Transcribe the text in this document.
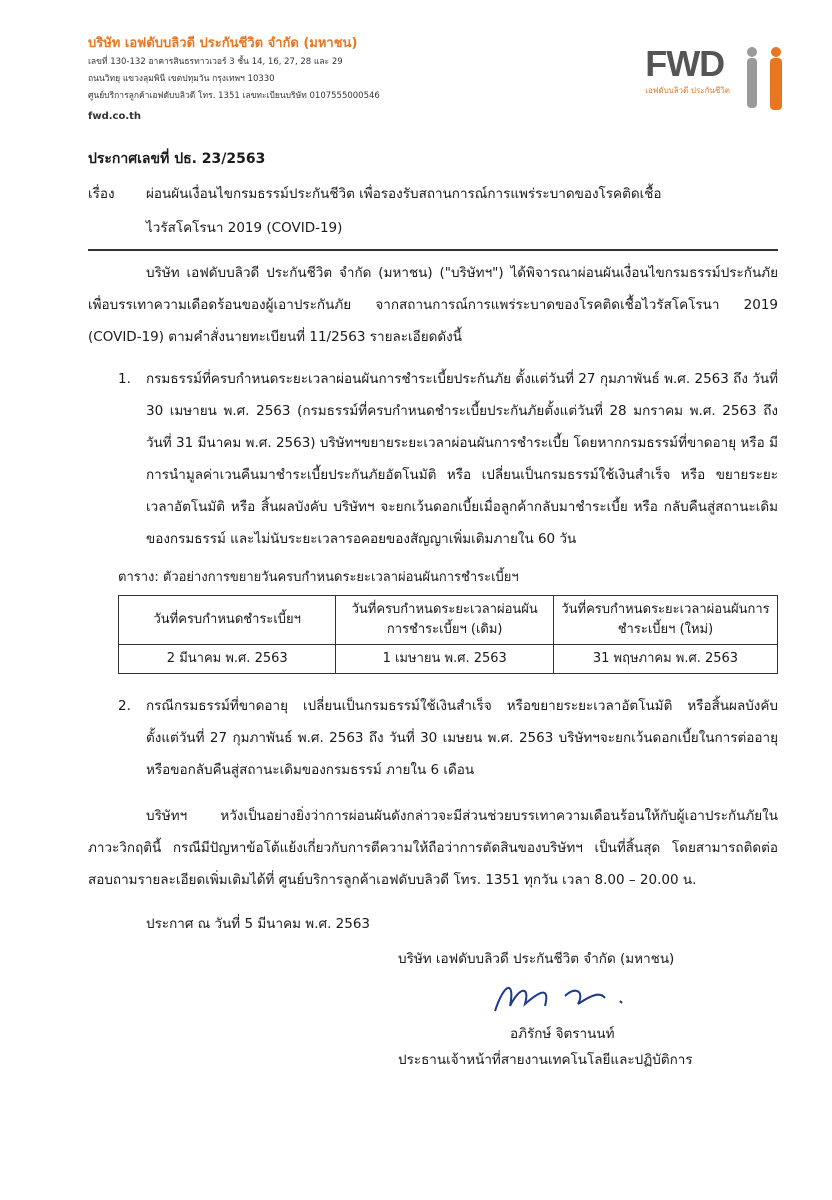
บริษัท เอฟดับบลิวดี ประกันชีวิต จำกัด (มหาชน)
เลขที่ 130-132 อาคารสินธรทาวเวอร์ 3 ชั้น 14, 16, 27, 28 และ 29
ถนนวิทยุ แขวงลุมพินี เขตปทุมวัน กรุงเทพฯ 10330
ศูนย์บริการลูกค้าเอฟดับบลิวดี โทร. 1351 เลขทะเบียนบริษัท 0107555000546
fwd.co.th
FWD
เอฟดับบลิวดี ประกันชีวิต
ประกาศเลขที่ ปธ. 23/2563
เรื่อง	ผ่อนผันเงื่อนไขกรมธรรม์ประกันชีวิต เพื่อรองรับสถานการณ์การแพร่ระบาดของโรคติดเชื้อ
ไวรัสโคโรนา 2019 (COVID-19)

บริษัท เอฟดับบลิวดี ประกันชีวิต จำกัด (มหาชน) ("บริษัทฯ") ได้พิจารณาผ่อนผันเงื่อนไขกรมธรรม์ประกันภัย เพื่อบรรเทาความเดือดร้อนของผู้เอาประกันภัย จากสถานการณ์การแพร่ระบาดของโรคติดเชื้อไวรัสโคโรนา 2019 (COVID-19) ตามคำสั่งนายทะเบียนที่ 11/2563 รายละเอียดดังนี้

1.	กรมธรรม์ที่ครบกำหนดระยะเวลาผ่อนผันการชำระเบี้ยประกันภัย ตั้งแต่วันที่ 27 กุมภาพันธ์ พ.ศ. 2563 ถึง วันที่ 30 เมษายน พ.ศ. 2563 (กรมธรรม์ที่ครบกำหนดชำระเบี้ยประกันภัยตั้งแต่วันที่ 28 มกราคม พ.ศ. 2563 ถึง วันที่ 31 มีนาคม พ.ศ. 2563) บริษัทฯขยายระยะเวลาผ่อนผันการชำระเบี้ย โดยหากกรมธรรม์ที่ขาดอายุ หรือ มีการนำมูลค่าเวนคืนมาชำระเบี้ยประกันภัยอัตโนมัติ หรือ เปลี่ยนเป็นกรมธรรม์ใช้เงินสำเร็จ หรือ ขยายระยะเวลาอัตโนมัติ หรือ สิ้นผลบังคับ บริษัทฯ จะยกเว้นดอกเบี้ยเมื่อลูกค้ากลับมาชำระเบี้ย หรือ กลับคืนสู่สถานะเดิมของกรมธรรม์ และไม่นับระยะเวลารอคอยของสัญญาเพิ่มเติมภายใน 60 วัน

ตาราง: ตัวอย่างการขยายวันครบกำหนดระยะเวลาผ่อนผันการชำระเบี้ยฯ
วันที่ครบกำหนดชำระเบี้ยฯ	วันที่ครบกำหนดระยะเวลาผ่อนผันการชำระเบี้ยฯ (เดิม)	วันที่ครบกำหนดระยะเวลาผ่อนผันการชำระเบี้ยฯ (ใหม่)
2 มีนาคม พ.ศ. 2563	1 เมษายน พ.ศ. 2563	31 พฤษภาคม พ.ศ. 2563
2.	กรณีกรมธรรม์ที่ขาดอายุ เปลี่ยนเป็นกรมธรรม์ใช้เงินสำเร็จ หรือขยายระยะเวลาอัตโนมัติ หรือสิ้นผลบังคับ ตั้งแต่วันที่ 27 กุมภาพันธ์ พ.ศ. 2563 ถึง วันที่ 30 เมษยน พ.ศ. 2563 บริษัทฯจะยกเว้นดอกเบี้ยในการต่ออายุหรือขอกลับคืนสู่สถานะเดิมของกรมธรรม์ ภายใน 6 เดือน

บริษัทฯ หวังเป็นอย่างยิ่งว่าการผ่อนผันดังกล่าวจะมีส่วนช่วยบรรเทาความเดือนร้อนให้กับผู้เอาประกันภัยในภาวะวิกฤตินี้ กรณีมีปัญหาข้อโต้แย้งเกี่ยวกับการตีความให้ถือว่าการตัดสินของบริษัทฯ เป็นที่สิ้นสุด โดยสามารถติดต่อสอบถามรายละเอียดเพิ่มเติมได้ที่ ศูนย์บริการลูกค้าเอฟดับบลิวดี โทร. 1351 ทุกวัน เวลา 8.00 – 20.00 น.

ประกาศ ณ วันที่ 5 มีนาคม พ.ศ. 2563
บริษัท เอฟดับบลิวดี ประกันชีวิต จำกัด (มหาชน)
อภิรักษ์ จิตรานนท์
ประธานเจ้าหน้าที่สายงานเทคโนโลยีและปฏิบัติการ
